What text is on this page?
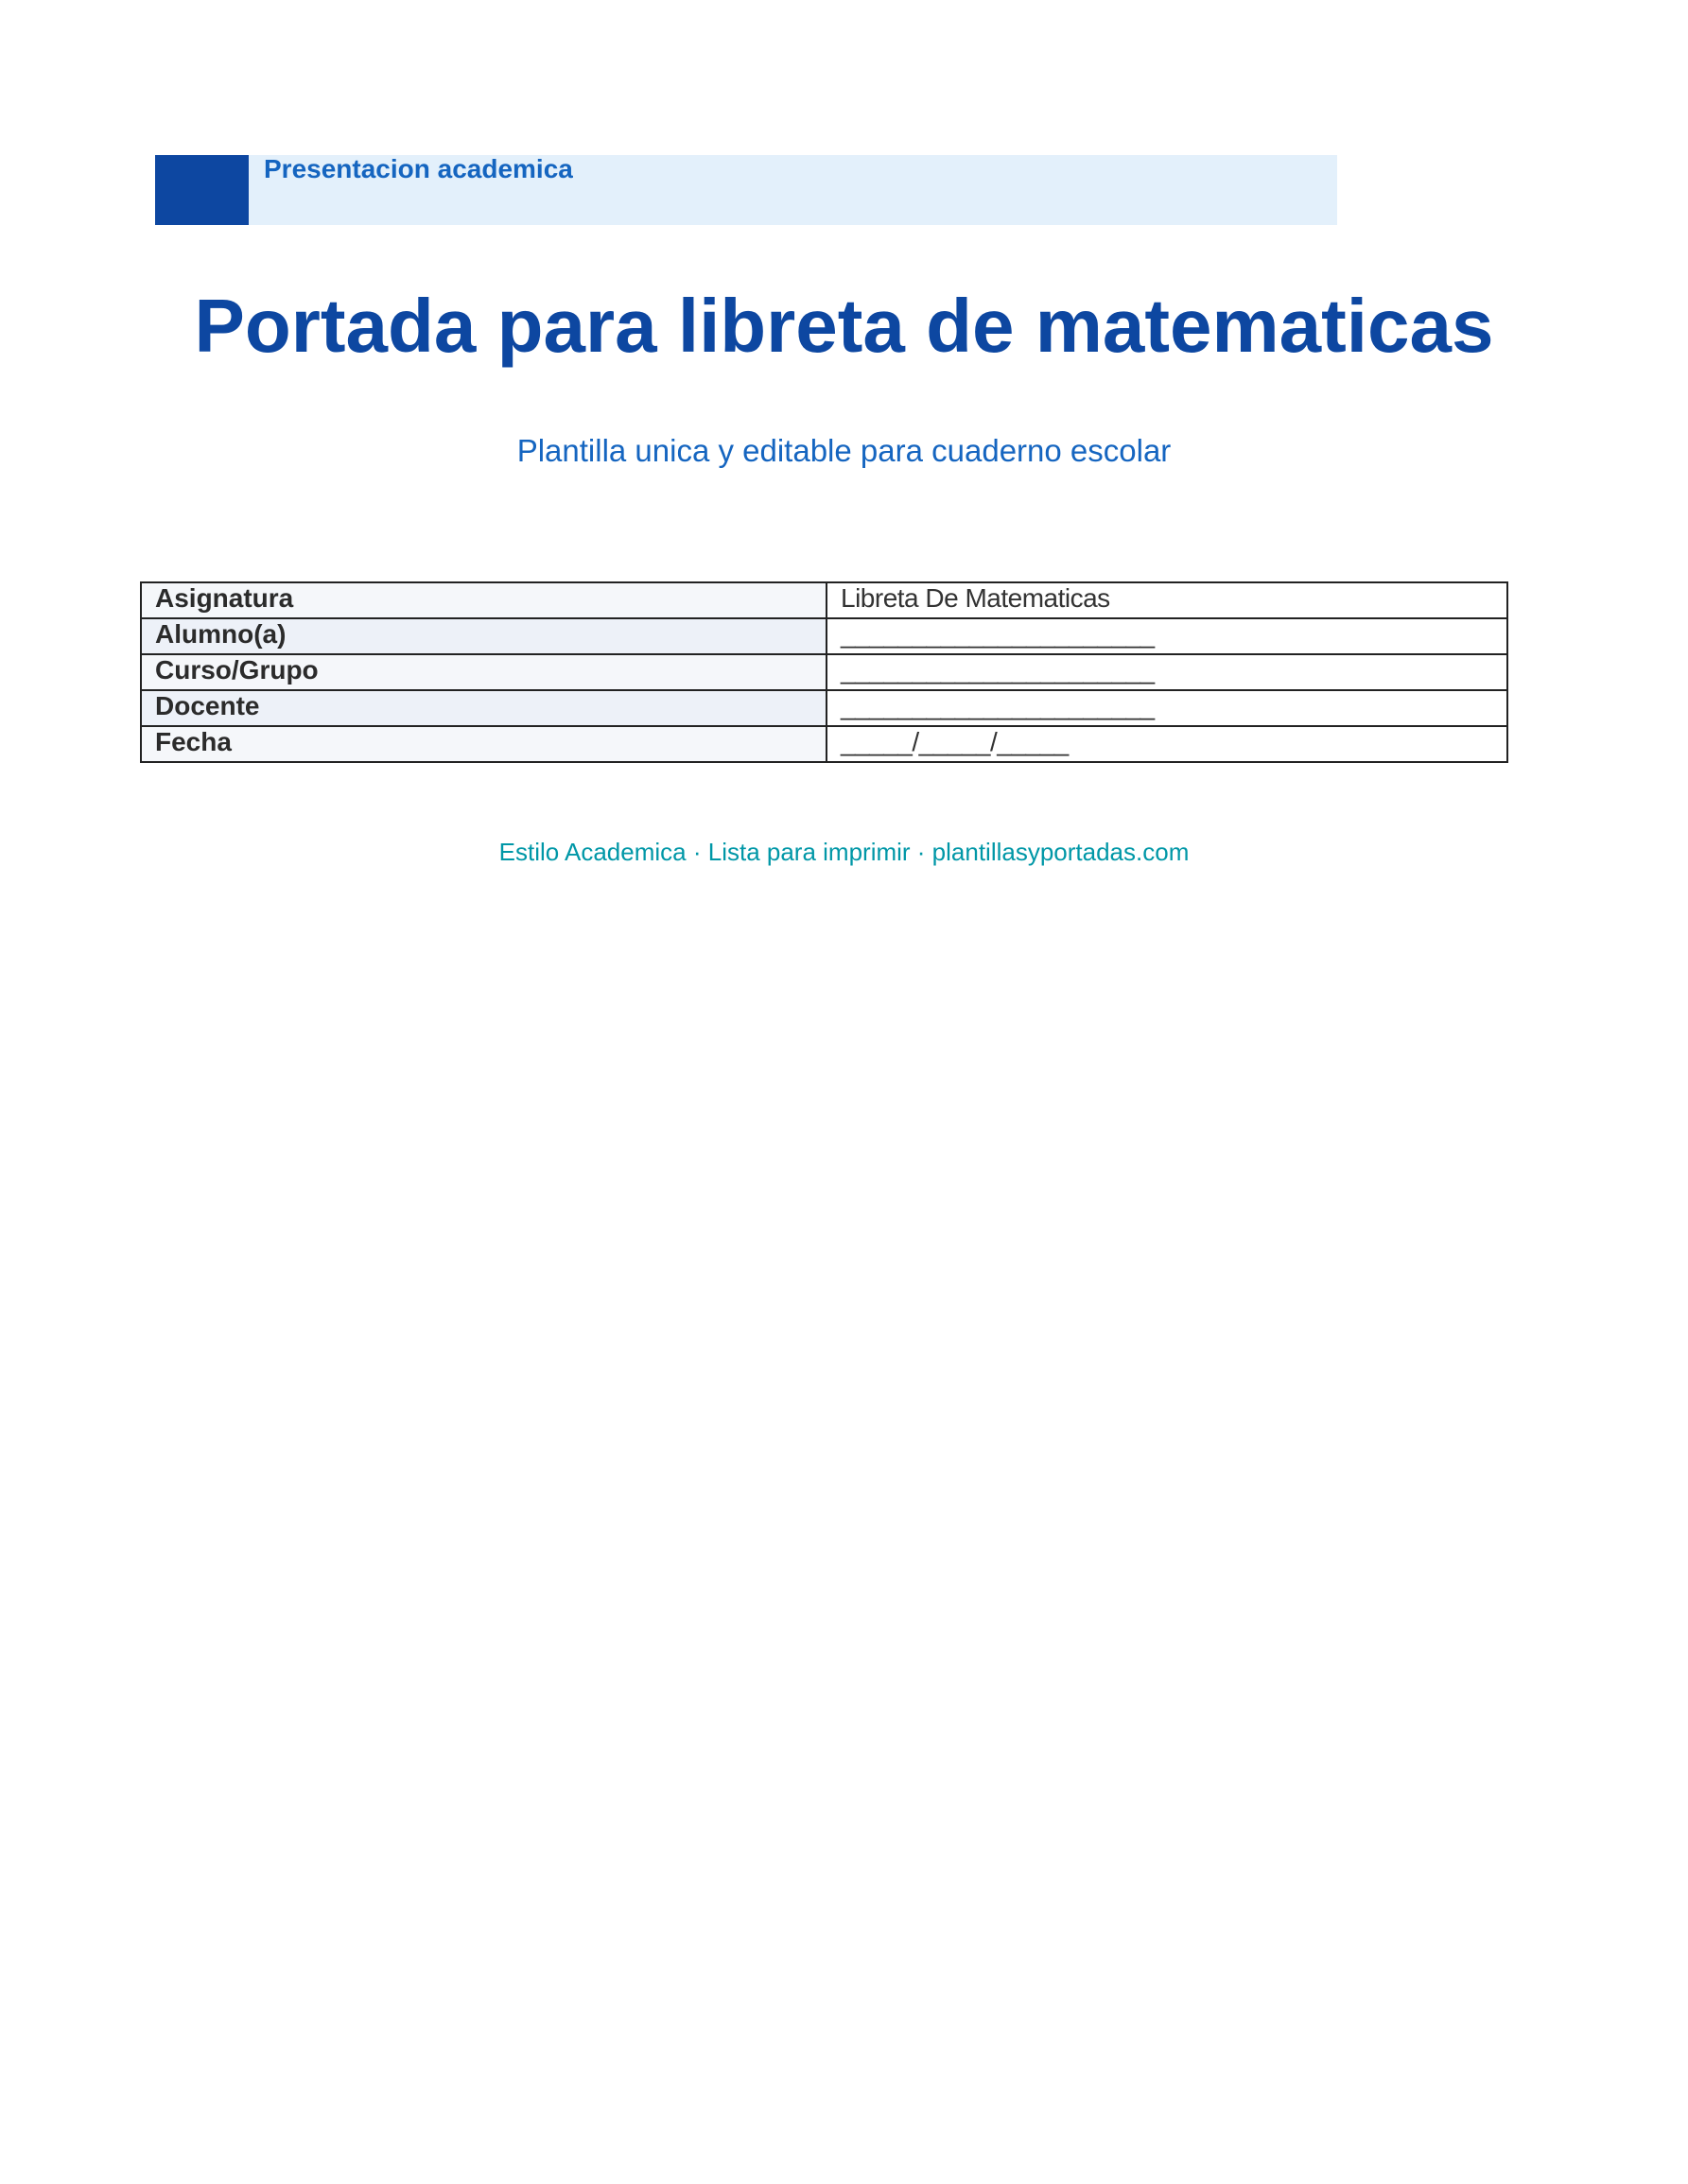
Presentacion academica
Portada para libreta de matematicas
Plantilla unica y editable para cuaderno escolar
Asignatura	Libreta De Matematicas
Alumno(a)	______________________
Curso/Grupo	______________________
Docente	______________________
Fecha	_____/_____/_____
Estilo Academica · Lista para imprimir · plantillasyportadas.com
